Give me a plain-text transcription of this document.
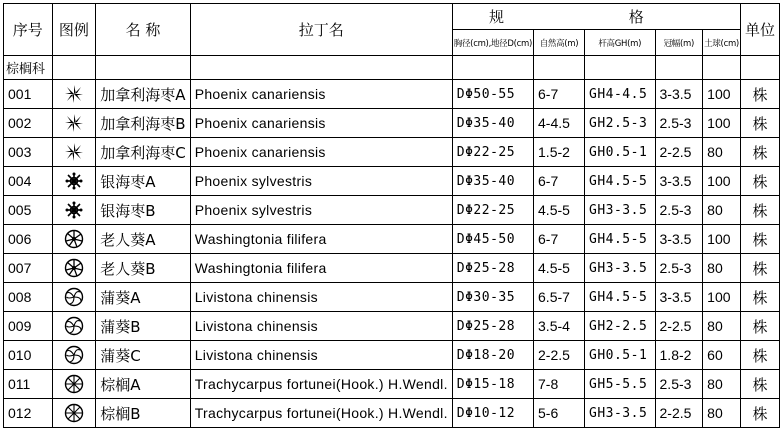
序号	图例	名 称	拉丁名	规 格					单位
				胸径(cm),地径D(cm)	自然高(m)	杆高GH(m)	冠幅(m)	土球(cm)	
棕榈科									
001		加拿利海枣A	Phoenix canariensis	DΦ50-55	6-7	GH4-4.5	3-3.5	100	株
002		加拿利海枣B	Phoenix canariensis	DΦ35-40	4-4.5	GH2.5-3	2.5-3	100	株
003		加拿利海枣C	Phoenix canariensis	DΦ22-25	1.5-2	GH0.5-1	2-2.5	80	株
004		银海枣A	Phoenix sylvestris	DΦ35-40	6-7	GH4.5-5	3-3.5	100	株
005		银海枣B	Phoenix sylvestris	DΦ22-25	4.5-5	GH3-3.5	2.5-3	80	株
006		老人葵A	Washingtonia filifera	DΦ45-50	6-7	GH4.5-5	3-3.5	100	株
007		老人葵B	Washingtonia filifera	DΦ25-28	4.5-5	GH3-3.5	2.5-3	80	株
008		蒲葵A	Livistona chinensis	DΦ30-35	6.5-7	GH4.5-5	3-3.5	100	株
009		蒲葵B	Livistona chinensis	DΦ25-28	3.5-4	GH2-2.5	2-2.5	80	株
010		蒲葵C	Livistona chinensis	DΦ18-20	2-2.5	GH0.5-1	1.8-2	60	株
011		棕榈A	Trachycarpus fortunei(Hook.) H.Wendl.	DΦ15-18	7-8	GH5-5.5	2.5-3	80	株
012		棕榈B	Trachycarpus fortunei(Hook.) H.Wendl.	DΦ10-12	5-6	GH3-3.5	2-2.5	80	株
